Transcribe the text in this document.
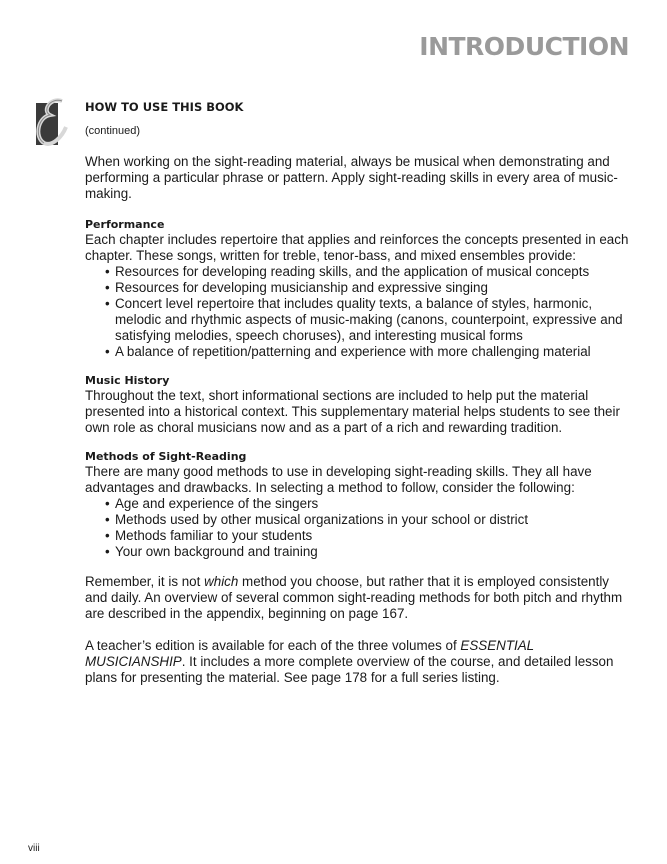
INTRODUCTION
HOW TO USE THIS BOOK
(continued)

When working on the sight-reading material, always be musical when demonstrating and performing a particular phrase or pattern. Apply sight-reading skills in every area of music-making.

Performance

Each chapter includes repertoire that applies and reinforces the concepts presented in each chapter. These songs, written for treble, tenor-bass, and mixed ensembles provide:

• Resources for developing reading skills, and the application of musical concepts
• Resources for developing musicianship and expressive singing
• Concert level repertoire that includes quality texts, a balance of styles, harmonic, melodic and rhythmic aspects of music-making (canons, counterpoint, expressive and satisfying melodies, speech choruses), and interesting musical forms
• A balance of repetition/patterning and experience with more challenging material
Music History

Throughout the text, short informational sections are included to help put the material presented into a historical context. This supplementary material helps students to see their own role as choral musicians now and as a part of a rich and rewarding tradition.

Methods of Sight-Reading

There are many good methods to use in developing sight-reading skills. They all have advantages and drawbacks. In selecting a method to follow, consider the following:

• Age and experience of the singers
• Methods used by other musical organizations in your school or district
• Methods familiar to your students
• Your own background and training

Remember, it is not which method you choose, but rather that it is employed consistently and daily. An overview of several common sight-reading methods for both pitch and rhythm are described in the appendix, beginning on page 167.

A teacher’s edition is available for each of the three volumes of ESSENTIAL MUSICIANSHIP. It includes a more complete overview of the course, and detailed lesson plans for presenting the material. See page 178 for a full series listing.

viii
